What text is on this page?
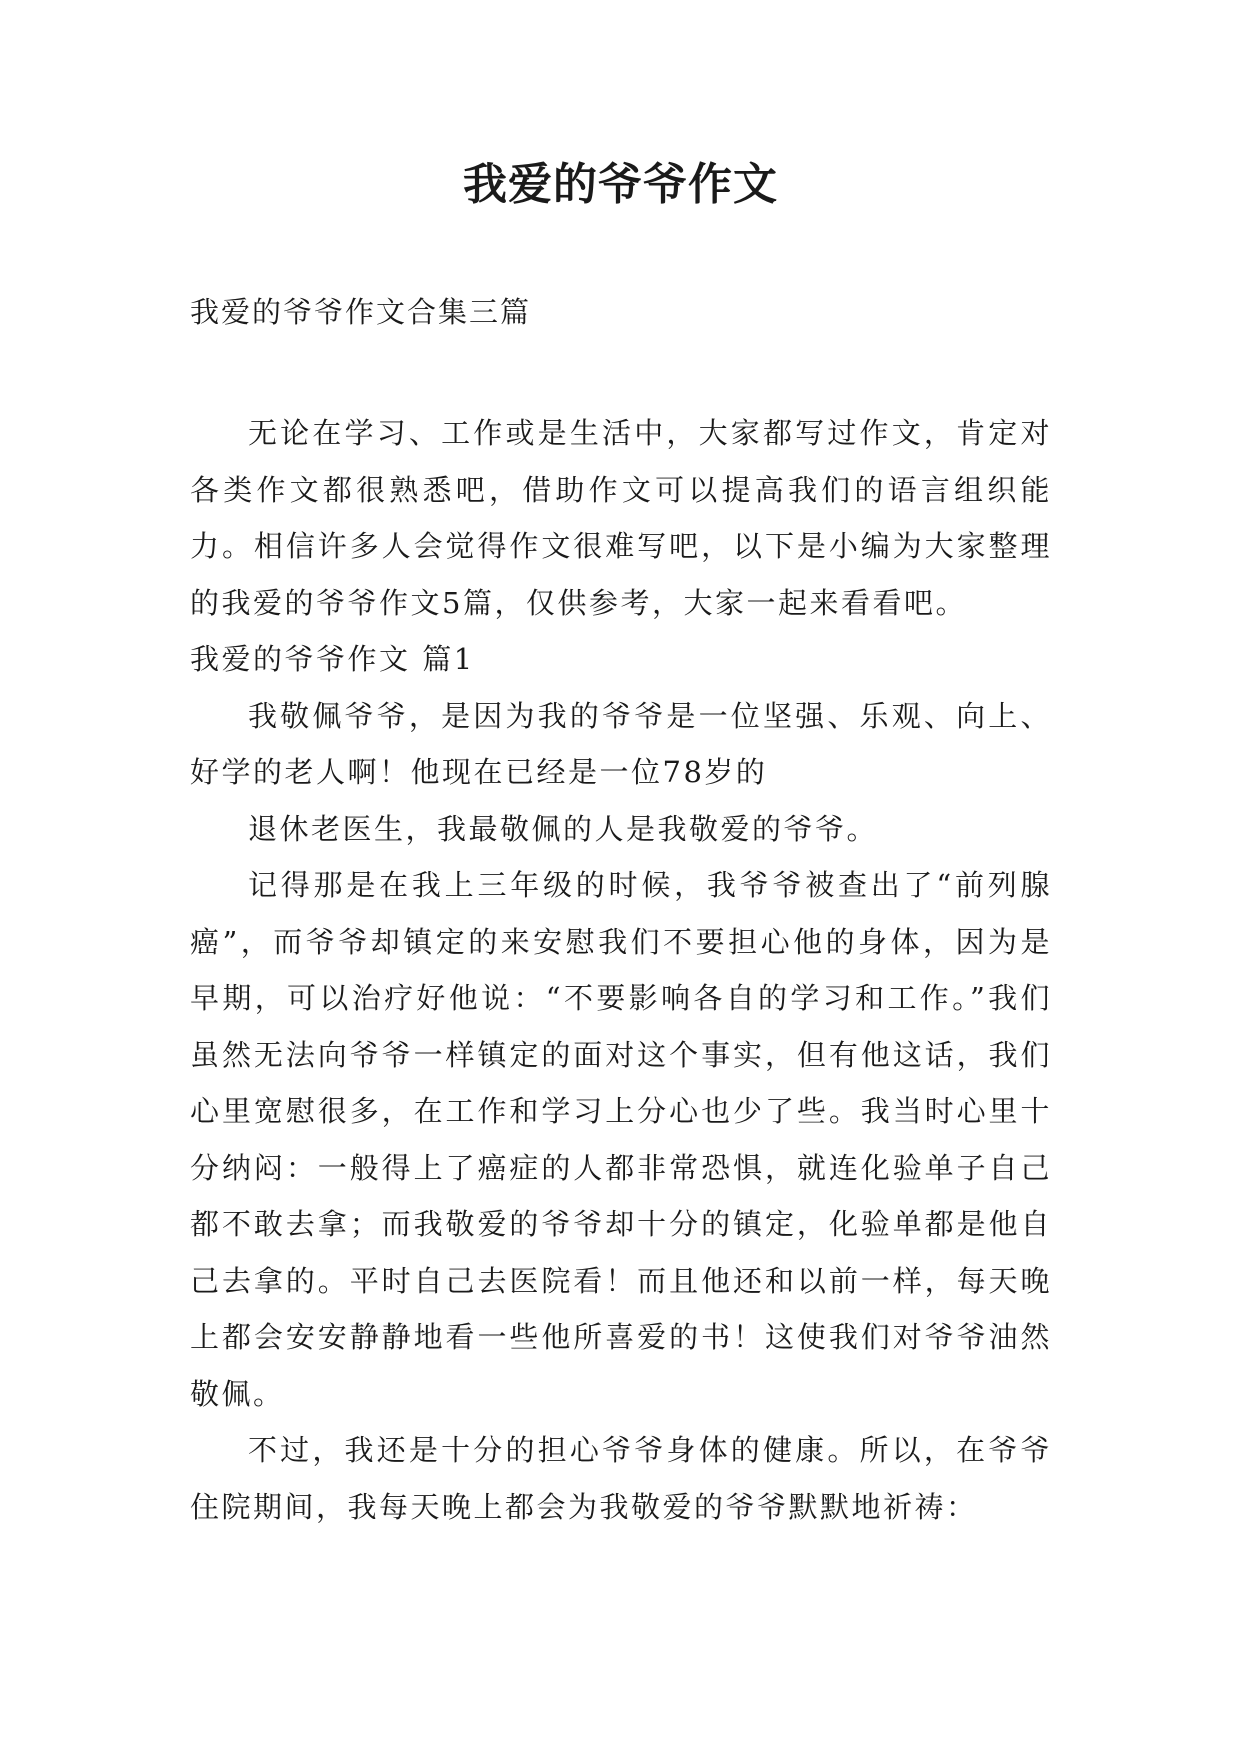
我爱的爷爷作文
我爱的爷爷作文合集三篇

无论在学习、工作或是生活中，大家都写过作文，肯定对各类作文都很熟悉吧，借助作文可以提高我们的语言组织能力。相信许多人会觉得作文很难写吧，以下是小编为大家整理的我爱的爷爷作文5篇，仅供参考，大家一起来看看吧。

我爱的爷爷作文 篇1

我敬佩爷爷，是因为我的爷爷是一位坚强、乐观、向上、好学的老人啊！他现在已经是一位78岁的

退休老医生，我最敬佩的人是我敬爱的爷爷。

记得那是在我上三年级的时候，我爷爷被查出了“前列腺癌”，而爷爷却镇定的来安慰我们不要担心他的身体，因为是早期，可以治疗好他说：“不要影响各自的学习和工作。”我们虽然无法向爷爷一样镇定的面对这个事实，但有他这话，我们心里宽慰很多，在工作和学习上分心也少了些。我当时心里十分纳闷：一般得上了癌症的人都非常恐惧，就连化验单子自己都不敢去拿；而我敬爱的爷爷却十分的镇定，化验单都是他自己去拿的。平时自己去医院看！而且他还和以前一样，每天晚上都会安安静静地看一些他所喜爱的书！这使我们对爷爷油然敬佩。

不过，我还是十分的担心爷爷身体的健康。所以，在爷爷住院期间，我每天晚上都会为我敬爱的爷爷默默地祈祷：
